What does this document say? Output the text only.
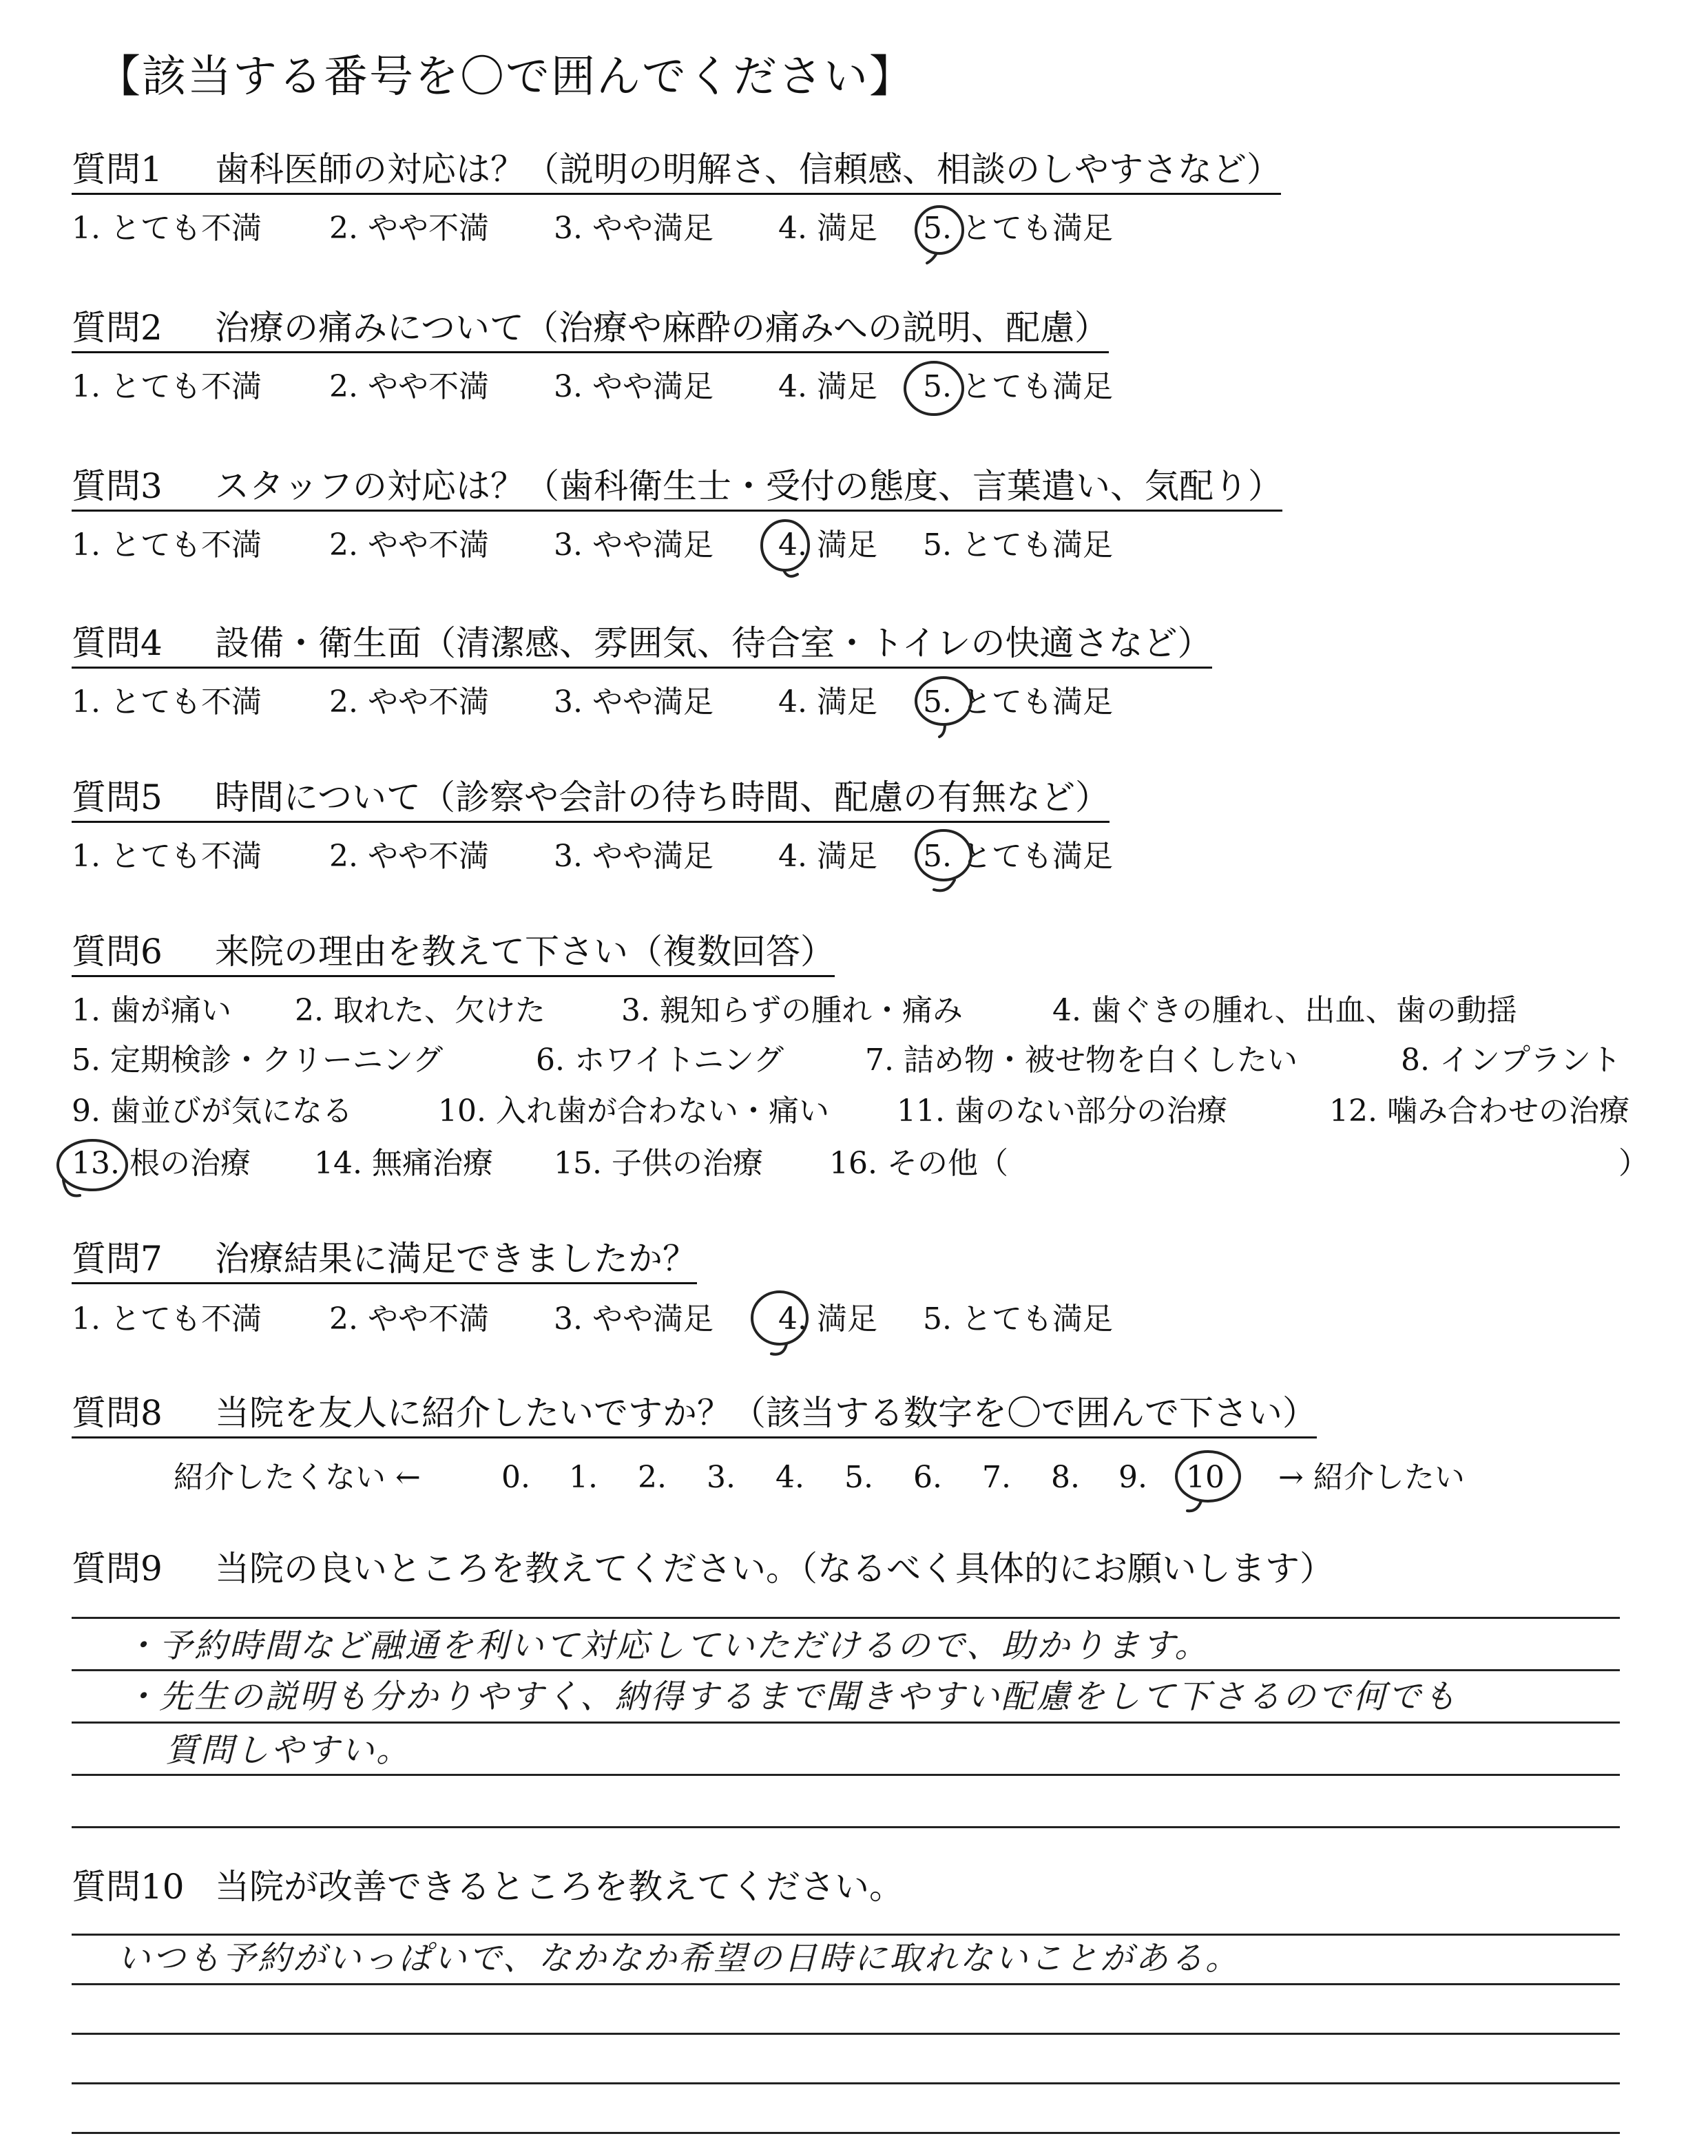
【該当する番号を〇で囲んでください】
質問1 歯科医師の対応は？（説明の明解さ、信頼感、相談のしやすさなど）
1. とても不満 2. やや不満 3. やや満足 4. 満足 5. とても満足
質問2 治療の痛みについて（治療や麻酔の痛みへの説明、配慮）
1. とても不満 2. やや不満 3. やや満足 4. 満足 5. とても満足
質問3 スタッフの対応は？（歯科衛生士・受付の態度、言葉遣い、気配り）
1. とても不満 2. やや不満 3. やや満足 4. 満足 5. とても満足
質問4 設備・衛生面（清潔感、雰囲気、待合室・トイレの快適さなど）
1. とても不満 2. やや不満 3. やや満足 4. 満足 5. とても満足
質問5 時間について（診察や会計の待ち時間、配慮の有無など）
1. とても不満 2. やや不満 3. やや満足 4. 満足 5. とても満足
質問6 来院の理由を教えて下さい（複数回答）
1. 歯が痛い 2. 取れた、欠けた	3. 親知らずの腫れ・痛み	4. 歯ぐきの腫れ、出血、歯の動揺
5. 定期検診・クリーニング	6. ホワイトニング	7. 詰め物・被せ物を白くしたい	8. インプラント
9. 歯並びが気になる	10. 入れ歯が合わない・痛い 11. 歯のない部分の治療	12. 噛み合わせの治療
13. 根の治療 14. 無痛治療 15. 子供の治療 16. その他（	）
質問7 治療結果に満足できましたか？
1. とても不満 2. やや不満 3. やや満足 4. 満足 5. とても満足
質問8 当院を友人に紹介したいですか？（該当する数字を〇で囲んで下さい）
紹介したくない ←	0. 1. 2. 3. 4. 5. 6. 7. 8. 9. 10 → 紹介したい
質問9 当院の良いところを教えてください。（なるべく具体的にお願いします）
・予約時間など融通を利いて対応していただけるので、助かります。
・先生の説明も分かりやすく、納得するまで聞きやすい配慮をして下さるので何でも
質問しやすい。
質問10 当院が改善できるところを教えてください。
いつも予約がいっぱいで、なかなか希望の日時に取れないことがある。
